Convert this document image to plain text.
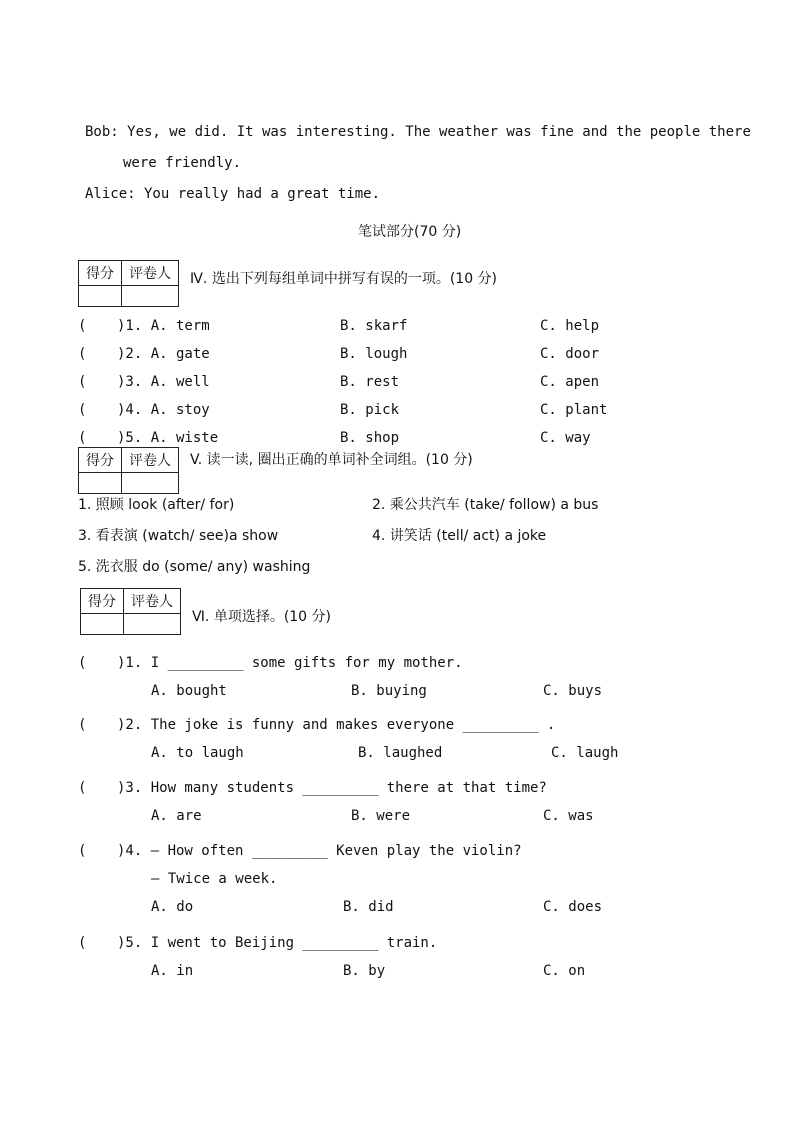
Bob: Yes, we did. It was interesting. The weather was fine and the people there
were friendly.
Alice: You really had a great time.
笔试部分(70 分)
得分	评卷人
	Ⅳ. 选出下列每组单词中拼写有误的一项。(10 分)
( )1. A. term	B. skarf	C. help
( )2. A. gate	B. lough	C. door
( )3. A. well	B. rest	C. apen
( )4. A. stoy	B. pick	C. plant
( )5. A. wiste	B. shop	C. way
得分	评卷人
	V. 读一读, 圈出正确的单词补全词组。(10 分)
1. 照顾 look (after/ for)	2. 乘公共汽车 (take/ follow) a bus
3. 看表演 (watch/ see)a show	4. 讲笑话 (tell/ act) a joke
5. 洗衣服 do (some/ any) washing
得分	评卷人

Ⅵ. 单项选择。(10 分)
( )1. I _________ some gifts for my mother.
A. bought	B. buying	C. buys
( )2. The joke is funny and makes everyone _________ .
A. to laugh	B. laughed	C. laugh
( )3. How many students _________ there at that time?
A. are	B. were	C. was
( )4. — How often _________ Keven play the violin?
— Twice a week.
A. do	B. did	C. does
( )5. I went to Beijing _________ train.
A. in	B. by	C. on
